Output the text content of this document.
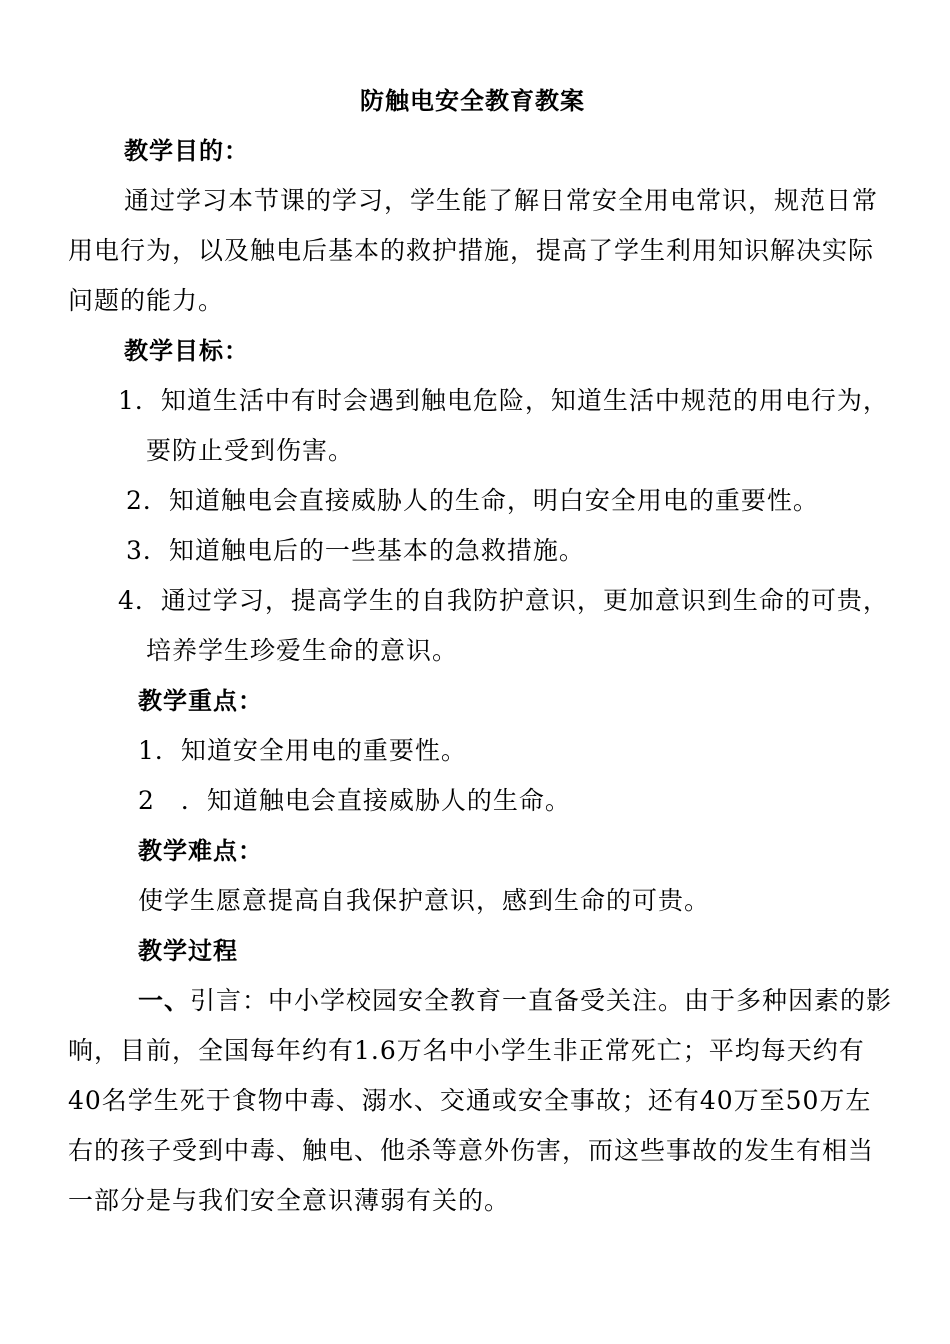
防触电安全教育教案
教学目的：
通过学习本节课的学习，学生能了解日常安全用电常识，规范日常
用电行为，以及触电后基本的救护措施，提高了学生利用知识解决实际
问题的能力。
教学目标：
1．知道生活中有时会遇到触电危险，知道生活中规范的用电行为，
要防止受到伤害。
2．知道触电会直接威胁人的生命，明白安全用电的重要性。
3．知道触电后的一些基本的急救措施。
4．通过学习，提高学生的自我防护意识，更加意识到生命的可贵，
培养学生珍爱生命的意识。
教学重点：
1．知道安全用电的重要性。
2　．知道触电会直接威胁人的生命。
教学难点：
使学生愿意提高自我保护意识，感到生命的可贵。
教学过程
一、引言：中小学校园安全教育一直备受关注。由于多种因素的影
响，目前，全国每年约有1.6万名中小学生非正常死亡；平均每天约有
40名学生死于食物中毒、溺水、交通或安全事故；还有40万至50万左
右的孩子受到中毒、触电、他杀等意外伤害，而这些事故的发生有相当
一部分是与我们安全意识薄弱有关的。
